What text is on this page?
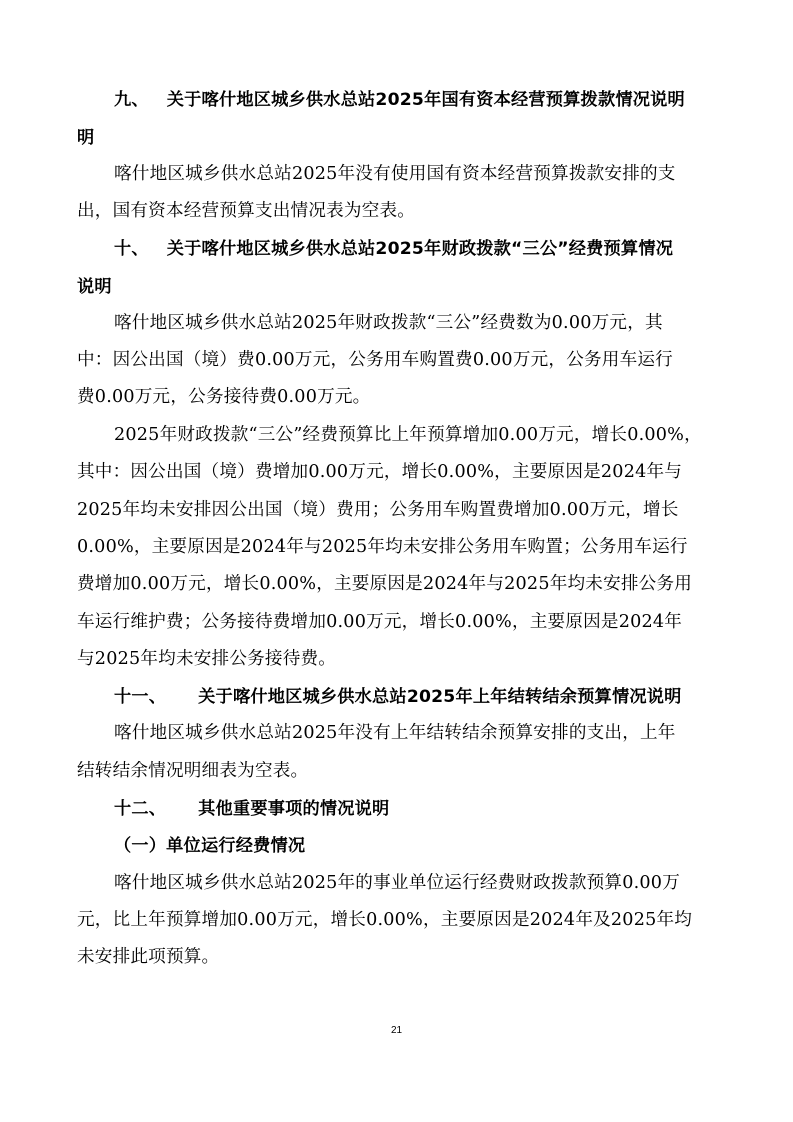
九、 关于喀什地区城乡供水总站2025年国有资本经营预算拨款情况说明
明
喀什地区城乡供水总站2025年没有使用国有资本经营预算拨款安排的支
出，国有资本经营预算支出情况表为空表。
十、 关于喀什地区城乡供水总站2025年财政拨款“三公”经费预算情况
说明
喀什地区城乡供水总站2025年财政拨款“三公”经费数为0.00万元，其
中：因公出国（境）费0.00万元，公务用车购置费0.00万元，公务用车运行
费0.00万元，公务接待费0.00万元。
2025年财政拨款“三公”经费预算比上年预算增加0.00万元，增长0.00%，
其中：因公出国（境）费增加0.00万元，增长0.00%，主要原因是2024年与
2025年均未安排因公出国（境）费用；公务用车购置费增加0.00万元，增长
0.00%，主要原因是2024年与2025年均未安排公务用车购置；公务用车运行
费增加0.00万元，增长0.00%，主要原因是2024年与2025年均未安排公务用
车运行维护费；公务接待费增加0.00万元，增长0.00%，主要原因是2024年
与2025年均未安排公务接待费。
十一、 关于喀什地区城乡供水总站2025年上年结转结余预算情况说明
喀什地区城乡供水总站2025年没有上年结转结余预算安排的支出，上年
结转结余情况明细表为空表。
十二、 其他重要事项的情况说明
（一）单位运行经费情况
喀什地区城乡供水总站2025年的事业单位运行经费财政拨款预算0.00万
元，比上年预算增加0.00万元，增长0.00%，主要原因是2024年及2025年均
未安排此项预算。
21
